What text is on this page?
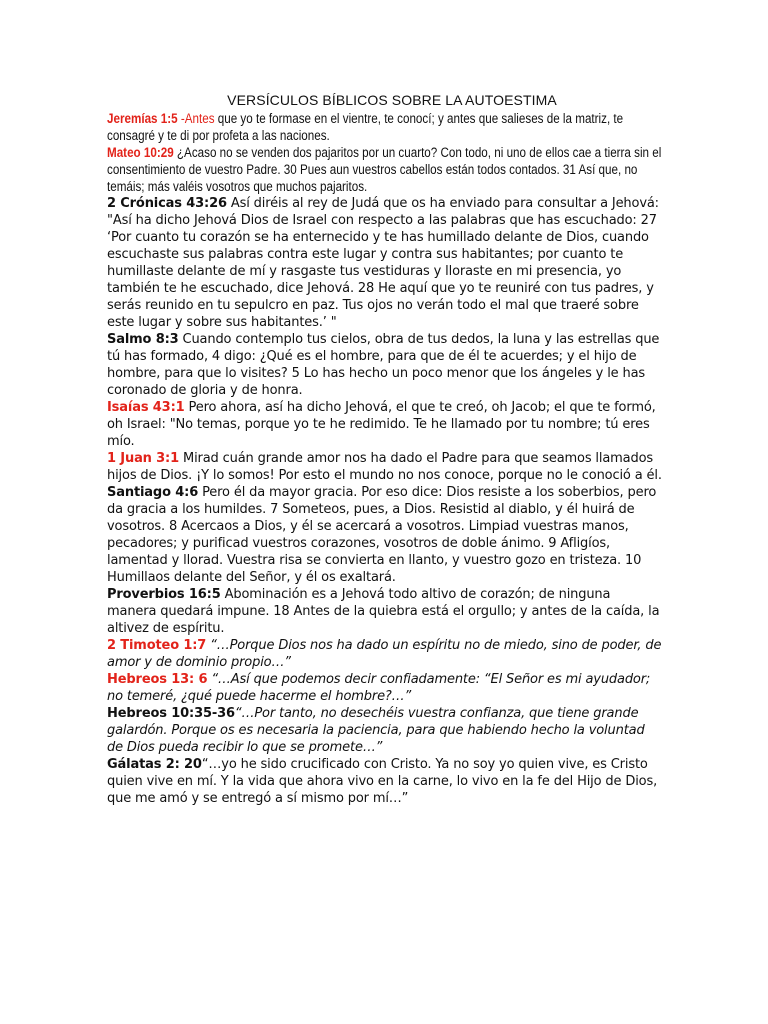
VERSÍCULOS BÍBLICOS SOBRE LA AUTOESTIMA

Jeremías 1:5 -Antes que yo te formase en el vientre, te conocí; y antes que salieses de la matriz, te consagré y te di por profeta a las naciones.

Mateo 10:29 ¿Acaso no se venden dos pajaritos por un cuarto? Con todo, ni uno de ellos cae a tierra sin el consentimiento de vuestro Padre. 30 Pues aun vuestros cabellos están todos contados. 31 Así que, no temáis; más valéis vosotros que muchos pajaritos.

2 Crónicas 43:26 Así diréis al rey de Judá que os ha enviado para consultar a Jehová: "Así ha dicho Jehová Dios de Israel con respecto a las palabras que has escuchado: 27 ‘Por cuanto tu corazón se ha enternecido y te has humillado delante de Dios, cuando escuchaste sus palabras contra este lugar y contra sus habitantes; por cuanto te humillaste delante de mí y rasgaste tus vestiduras y lloraste en mi presencia, yo también te he escuchado, dice Jehová. 28 He aquí que yo te reuniré con tus padres, y serás reunido en tu sepulcro en paz. Tus ojos no verán todo el mal que traeré sobre este lugar y sobre sus habitantes.’ "

Salmo 8:3 Cuando contemplo tus cielos, obra de tus dedos, la luna y las estrellas que tú has formado, 4 digo: ¿Qué es el hombre, para que de él te acuerdes; y el hijo de hombre, para que lo visites? 5 Lo has hecho un poco menor que los ángeles y le has coronado de gloria y de honra.

Isaías 43:1 Pero ahora, así ha dicho Jehová, el que te creó, oh Jacob; el que te formó, oh Israel: "No temas, porque yo te he redimido. Te he llamado por tu nombre; tú eres mío.

1 Juan 3:1 Mirad cuán grande amor nos ha dado el Padre para que seamos llamados hijos de Dios. ¡Y lo somos! Por esto el mundo no nos conoce, porque no le conoció a él.

Santiago 4:6 Pero él da mayor gracia. Por eso dice: Dios resiste a los soberbios, pero da gracia a los humildes. 7 Someteos, pues, a Dios. Resistid al diablo, y él huirá de vosotros. 8 Acercaos a Dios, y él se acercará a vosotros. Limpiad vuestras manos, pecadores; y purificad vuestros corazones, vosotros de doble ánimo. 9 Afligíos, lamentad y llorad. Vuestra risa se convierta en llanto, y vuestro gozo en tristeza. 10 Humillaos delante del Señor, y él os exaltará.

Proverbios 16:5 Abominación es a Jehová todo altivo de corazón; de ninguna manera quedará impune. 18 Antes de la quiebra está el orgullo; y antes de la caída, la altivez de espíritu.

2 Timoteo 1:7 “…Porque Dios nos ha dado un espíritu no de miedo, sino de poder, de amor y de dominio propio…”

Hebreos 13: 6 “…Así que podemos decir confiadamente: “El Señor es mi ayudador; no temeré, ¿qué puede hacerme el hombre?…”

Hebreos 10:35-36“…Por tanto, no desechéis vuestra confianza, que tiene grande galardón. Porque os es necesaria la paciencia, para que habiendo hecho la voluntad de Dios pueda recibir lo que se promete…”

Gálatas 2: 20“…yo he sido crucificado con Cristo. Ya no soy yo quien vive, es Cristo quien vive en mí. Y la vida que ahora vivo en la carne, lo vivo en la fe del Hijo de Dios, que me amó y se entregó a sí mismo por mí…”
